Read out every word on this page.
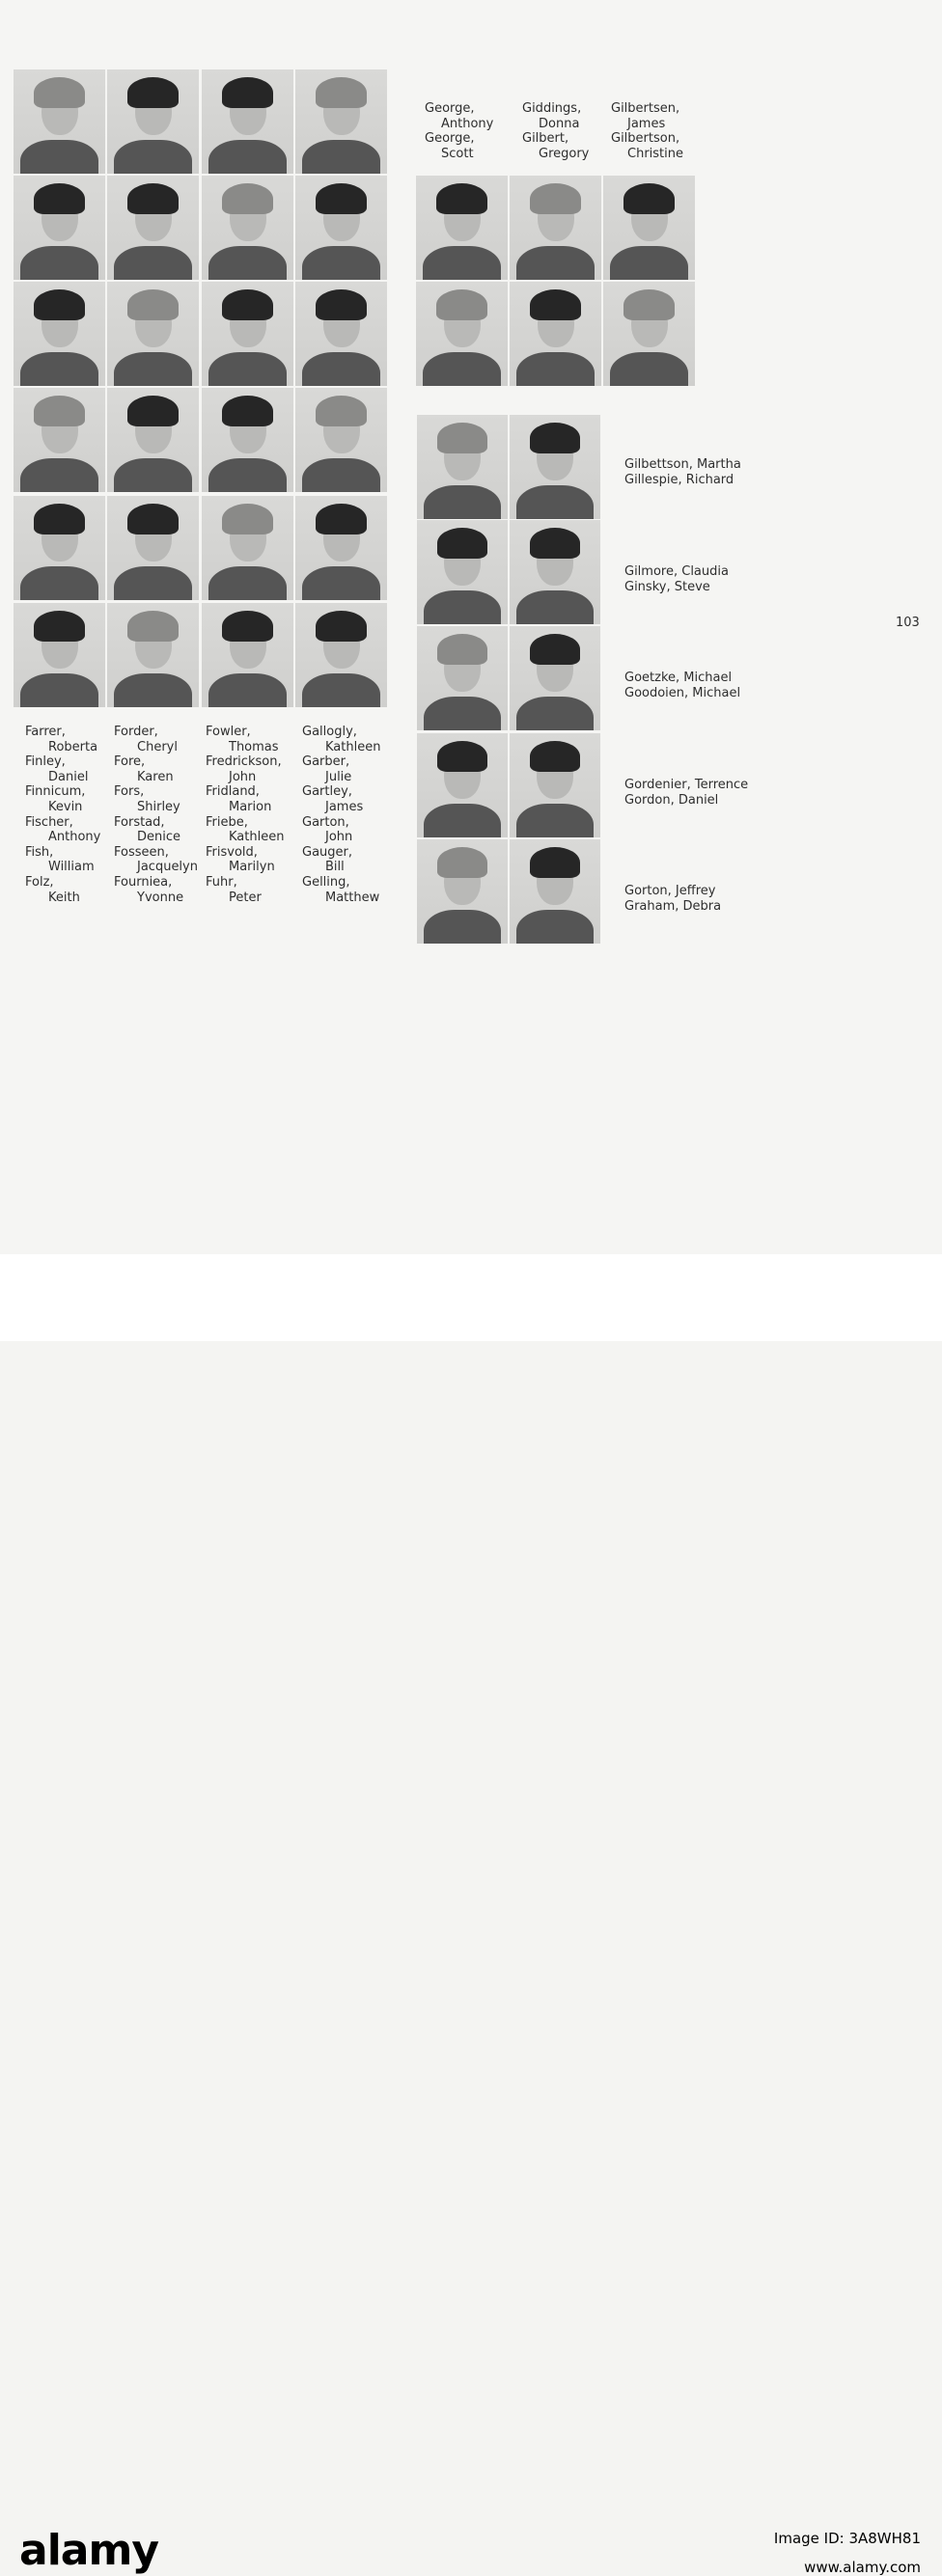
Farrer,
Roberta
Finley,
Daniel
Finnicum,
Kevin
Fischer,
Anthony
Fish,
William
Folz,
Keith
Forder,
Cheryl
Fore,
Karen
Fors,
Shirley
Forstad,
Denice
Fosseen,
Jacquelyn
Fourniea,
Yvonne
Fowler,
Thomas
Fredrickson,
John
Fridland,
Marion
Friebe,
Kathleen
Frisvold,
Marilyn
Fuhr,
Peter
Gallogly,
Kathleen
Garber,
Julie
Gartley,
James
Garton,
John
Gauger,
Bill
Gelling,
Matthew
George,
Anthony
George,
Scott
Giddings,
Donna
Gilbert,
Gregory
Gilbertsen,
James
Gilbertson,
Christine
Gilbettson, Martha
Gillespie, Richard
Gilmore, Claudia
Ginsky, Steve
Goetzke, Michael
Goodoien, Michael
Gordenier, Terrence
Gordon, Daniel
Gorton, Jeffrey
Graham, Debra
103
alamy	Image ID: 3A8WH81
www.alamy.com
